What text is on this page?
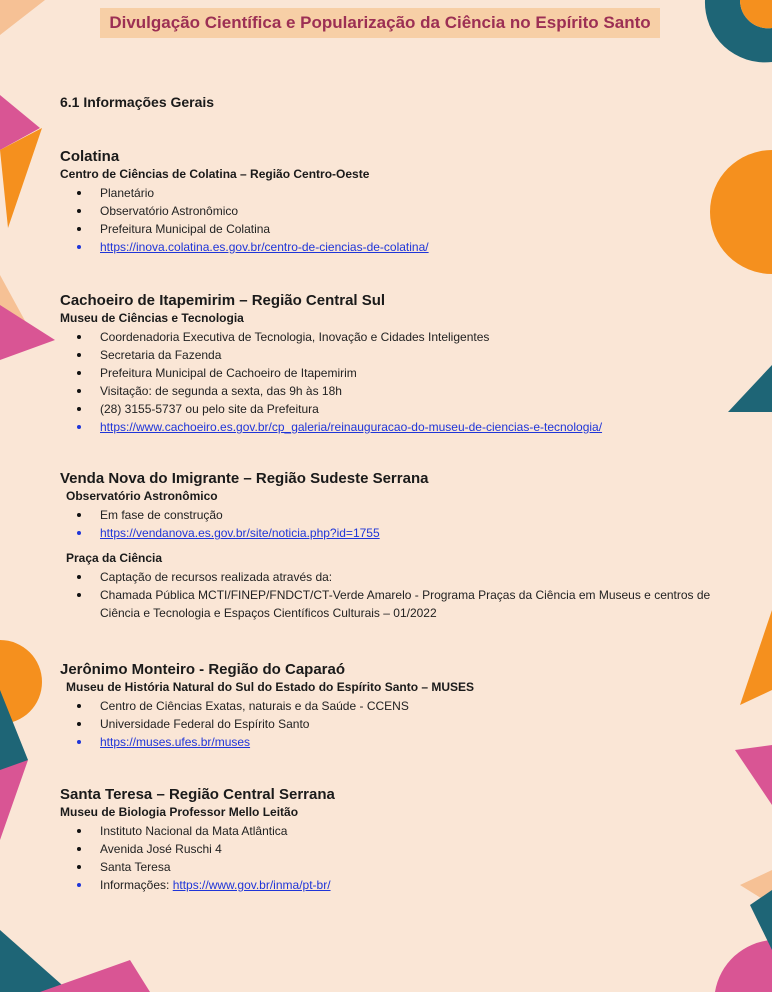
Divulgação Científica e Popularização da Ciência no Espírito Santo
6.1 Informações Gerais

Colatina

Centro de Ciências de Colatina – Região Centro-Oeste

Planetário
Observatório Astronômico
Prefeitura Municipal de Colatina
https://inova.colatina.es.gov.br/centro-de-ciencias-de-colatina/

Cachoeiro de Itapemirim – Região Central Sul

Museu de Ciências e Tecnologia

Coordenadoria Executiva de Tecnologia, Inovação e Cidades Inteligentes
Secretaria da Fazenda
Prefeitura Municipal de Cachoeiro de Itapemirim
Visitação: de segunda a sexta, das 9h às 18h
(28) 3155-5737 ou pelo site da Prefeitura
https://www.cachoeiro.es.gov.br/cp_galeria/reinauguracao-do-museu-de-ciencias-e-tecnologia/

Venda Nova do Imigrante – Região Sudeste Serrana

Observatório Astronômico

Em fase de construção
https://vendanova.es.gov.br/site/noticia.php?id=1755

Praça da Ciência

Captação de recursos realizada através da:
Chamada Pública MCTI/FINEP/FNDCT/CT-Verde Amarelo - Programa Praças da Ciência em Museus e centros de Ciência e Tecnologia e Espaços Científicos Culturais – 01/2022

Jerônimo Monteiro - Região do Caparaó

Museu de História Natural do Sul do Estado do Espírito Santo – MUSES

Centro de Ciências Exatas, naturais e da Saúde - CCENS
Universidade Federal do Espírito Santo
https://muses.ufes.br/muses

Santa Teresa – Região Central Serrana

Museu de Biologia Professor Mello Leitão

Instituto Nacional da Mata Atlântica
Avenida José Ruschi 4
Santa Teresa
Informações: https://www.gov.br/inma/pt-br/
